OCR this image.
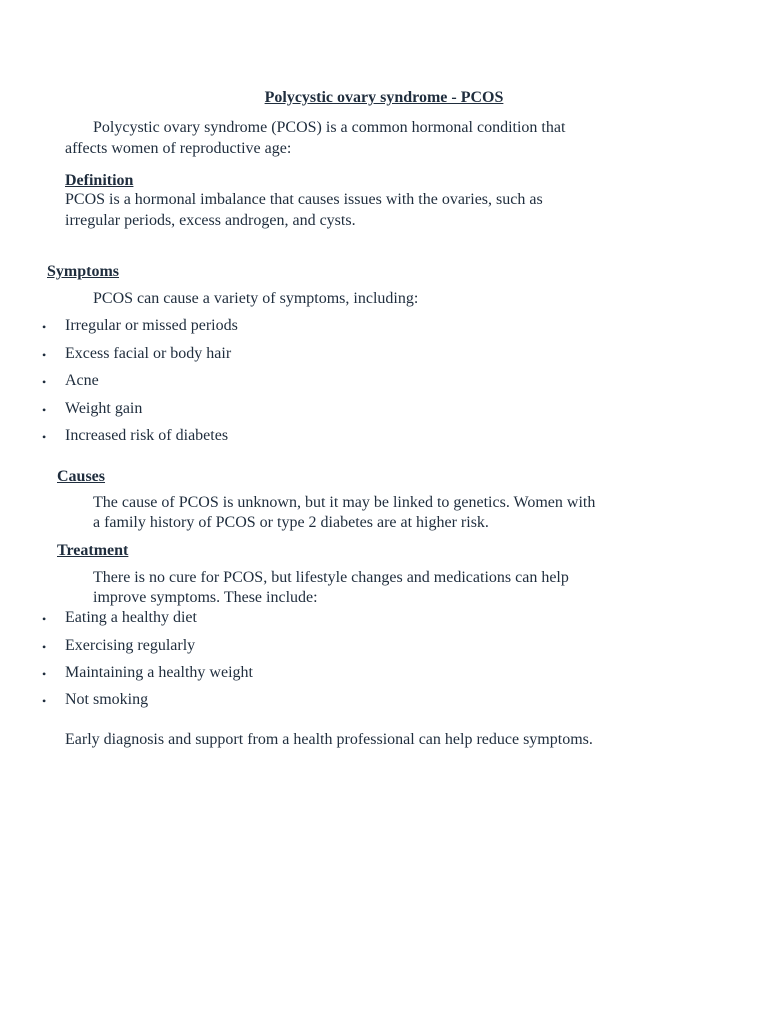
Polycystic ovary syndrome - PCOS
Polycystic ovary syndrome (PCOS) is a common hormonal condition that
affects women of reproductive age:
Definition
PCOS is a hormonal imbalance that causes issues with the ovaries, such as
irregular periods, excess androgen, and cysts.
Symptoms
PCOS can cause a variety of symptoms, including:
• Irregular or missed periods
• Excess facial or body hair
• Acne
• Weight gain
• Increased risk of diabetes
Causes
The cause of PCOS is unknown, but it may be linked to genetics. Women with
a family history of PCOS or type 2 diabetes are at higher risk.
Treatment
There is no cure for PCOS, but lifestyle changes and medications can help
improve symptoms. These include:
• Eating a healthy diet
• Exercising regularly
• Maintaining a healthy weight
• Not smoking
Early diagnosis and support from a health professional can help reduce symptoms.
